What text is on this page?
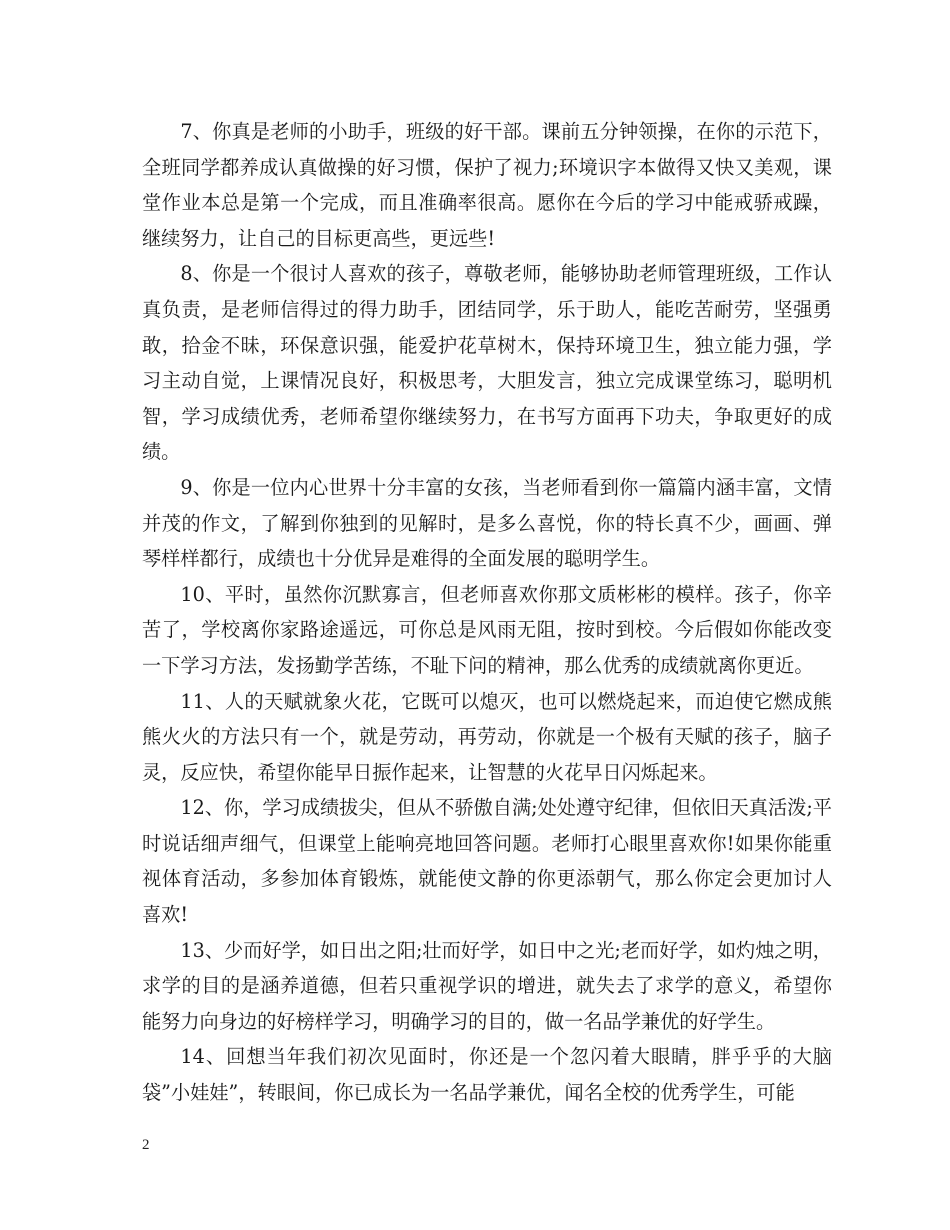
7、你真是老师的小助手，班级的好干部。课前五分钟领操，在你的示范下，全班同学都养成认真做操的好习惯，保护了视力;环境识字本做得又快又美观，课堂作业本总是第一个完成，而且准确率很高。愿你在今后的学习中能戒骄戒躁，继续努力，让自己的目标更高些，更远些!

8、你是一个很讨人喜欢的孩子，尊敬老师，能够协助老师管理班级，工作认真负责，是老师信得过的得力助手，团结同学，乐于助人，能吃苦耐劳，坚强勇敢，拾金不昧，环保意识强，能爱护花草树木，保持环境卫生，独立能力强，学习主动自觉，上课情况良好，积极思考，大胆发言，独立完成课堂练习，聪明机智，学习成绩优秀，老师希望你继续努力，在书写方面再下功夫，争取更好的成绩。

9、你是一位内心世界十分丰富的女孩，当老师看到你一篇篇内涵丰富，文情并茂的作文，了解到你独到的见解时，是多么喜悦，你的特长真不少，画画、弹琴样样都行，成绩也十分优异是难得的全面发展的聪明学生。

10、平时，虽然你沉默寡言，但老师喜欢你那文质彬彬的模样。孩子，你辛苦了，学校离你家路途遥远，可你总是风雨无阻，按时到校。今后假如你能改变一下学习方法，发扬勤学苦练，不耻下问的精神，那么优秀的成绩就离你更近。

11、人的天赋就象火花，它既可以熄灭，也可以燃烧起来，而迫使它燃成熊熊火火的方法只有一个，就是劳动，再劳动，你就是一个极有天赋的孩子，脑子灵，反应快，希望你能早日振作起来，让智慧的火花早日闪烁起来。

12、你，学习成绩拔尖，但从不骄傲自满;处处遵守纪律，但依旧天真活泼;平时说话细声细气，但课堂上能响亮地回答问题。老师打心眼里喜欢你!如果你能重视体育活动，多参加体育锻炼，就能使文静的你更添朝气，那么你定会更加讨人喜欢!

13、少而好学，如日出之阳;壮而好学，如日中之光;老而好学，如灼烛之明，求学的目的是涵养道德，但若只重视学识的增进，就失去了求学的意义，希望你能努力向身边的好榜样学习，明确学习的目的，做一名品学兼优的好学生。

14、回想当年我们初次见面时，你还是一个忽闪着大眼睛，胖乎乎的大脑袋”小娃娃”，转眼间，你已成长为一名品学兼优，闻名全校的优秀学生，可能

2
